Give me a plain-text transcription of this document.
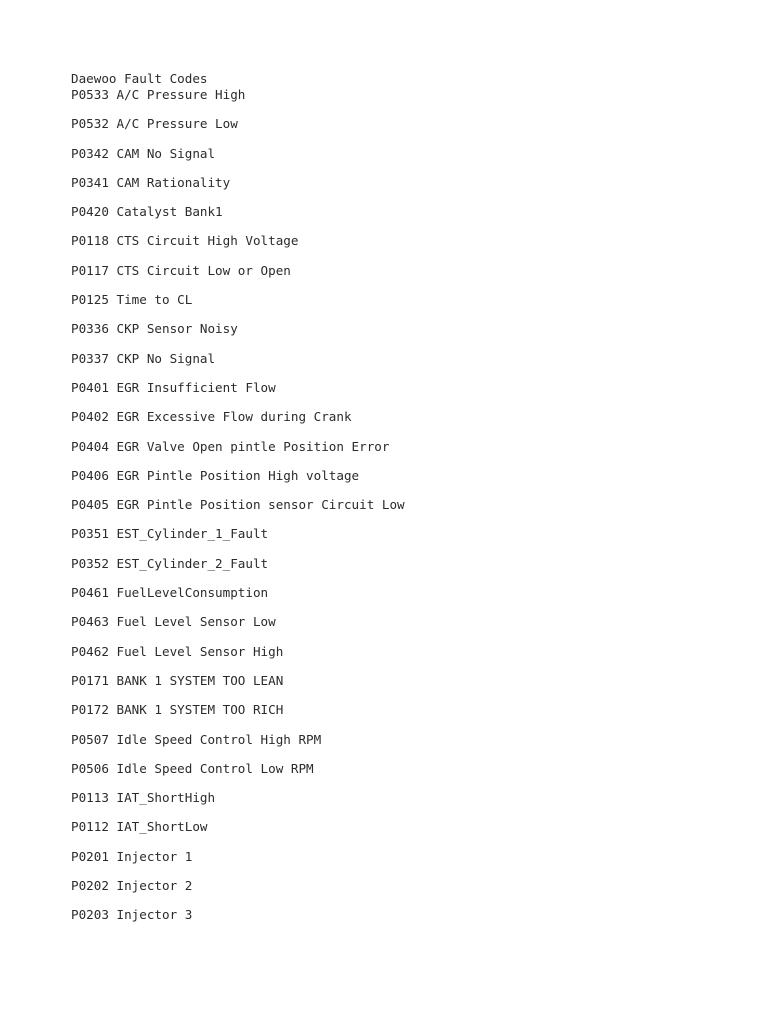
Daewoo Fault Codes
P0533 A/C Pressure High
P0532 A/C Pressure Low
P0342 CAM No Signal
P0341 CAM Rationality
P0420 Catalyst Bank1
P0118 CTS Circuit High Voltage
P0117 CTS Circuit Low or Open
P0125 Time to CL
P0336 CKP Sensor Noisy
P0337 CKP No Signal
P0401 EGR Insufficient Flow
P0402 EGR Excessive Flow during Crank
P0404 EGR Valve Open pintle Position Error
P0406 EGR Pintle Position High voltage
P0405 EGR Pintle Position sensor Circuit Low
P0351 EST_Cylinder_1_Fault
P0352 EST_Cylinder_2_Fault
P0461 FuelLevelConsumption
P0463 Fuel Level Sensor Low
P0462 Fuel Level Sensor High
P0171 BANK 1 SYSTEM TOO LEAN
P0172 BANK 1 SYSTEM TOO RICH
P0507 Idle Speed Control High RPM
P0506 Idle Speed Control Low RPM
P0113 IAT_ShortHigh
P0112 IAT_ShortLow
P0201 Injector 1
P0202 Injector 2
P0203 Injector 3
